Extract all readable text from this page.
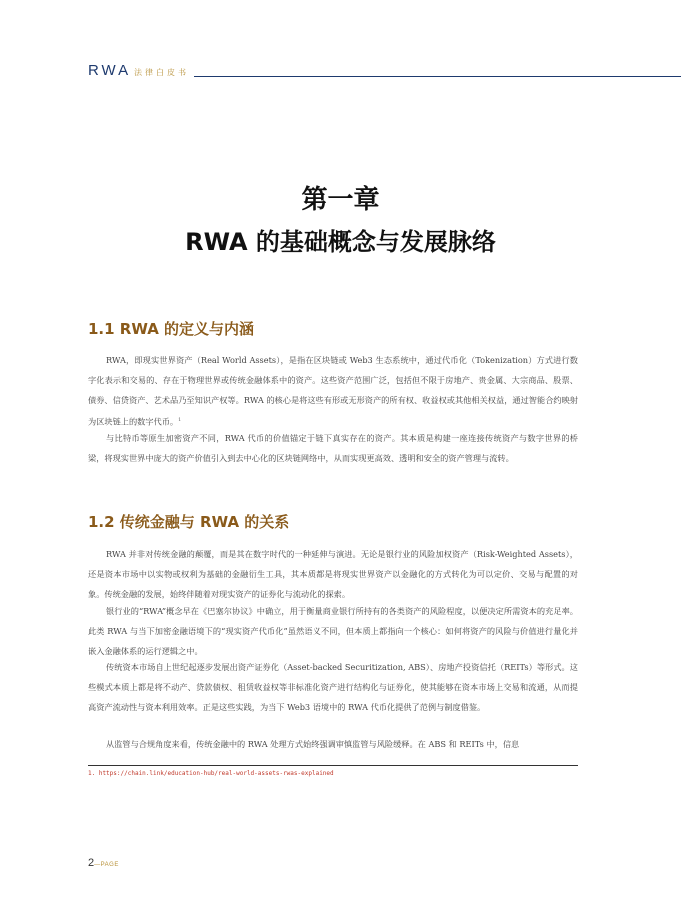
RWA 法律白皮书
第一章
RWA 的基础概念与发展脉络
1.1 RWA 的定义与内涵

RWA，即现实世界资产（Real World Assets），是指在区块链或 Web3 生态系统中，通过代币化（Tokenization）方式进行数字化表示和交易的、存在于物理世界或传统金融体系中的资产。这些资产范围广泛，包括但不限于房地产、贵金属、大宗商品、股票、债券、信贷资产、艺术品乃至知识产权等。RWA 的核心是将这些有形或无形资产的所有权、收益权或其他相关权益，通过智能合约映射为区块链上的数字代币。$^1$

与比特币等原生加密资产不同，RWA 代币的价值锚定于链下真实存在的资产。其本质是构建一座连接传统资产与数字世界的桥梁，将现实世界中庞大的资产价值引入到去中心化的区块链网络中，从而实现更高效、透明和安全的资产管理与流转。

1.2 传统金融与 RWA 的关系

RWA 并非对传统金融的颠覆，而是其在数字时代的一种延伸与演进。无论是银行业的风险加权资产（Risk-Weighted Assets），还是资本市场中以实物或权利为基础的金融衍生工具，其本质都是将现实世界资产以金融化的方式转化为可以定价、交易与配置的对象。传统金融的发展，始终伴随着对现实资产的证券化与流动化的探索。

银行业的“RWA”概念早在《巴塞尔协议》中确立，用于衡量商业银行所持有的各类资产的风险程度，以便决定所需资本的充足率。此类 RWA 与当下加密金融语境下的“现实资产代币化”虽然语义不同，但本质上都指向一个核心：如何将资产的风险与价值进行量化并嵌入金融体系的运行逻辑之中。

传统资本市场自上世纪起逐步发展出资产证券化（Asset-backed Securitization, ABS）、房地产投资信托（REITs）等形式。这些模式本质上都是将不动产、贷款债权、租赁收益权等非标准化资产进行结构化与证券化，使其能够在资本市场上交易和流通，从而提高资产流动性与资本利用效率。正是这些实践，为当下 Web3 语境中的 RWA 代币化提供了范例与制度借鉴。

从监管与合规角度来看，传统金融中的 RWA 处理方式始终强调审慎监管与风险缓释。在 ABS 和 REITs 中，信息

1. https://chain.link/education-hub/real-world-assets-rwas-explained
2—PAGE
